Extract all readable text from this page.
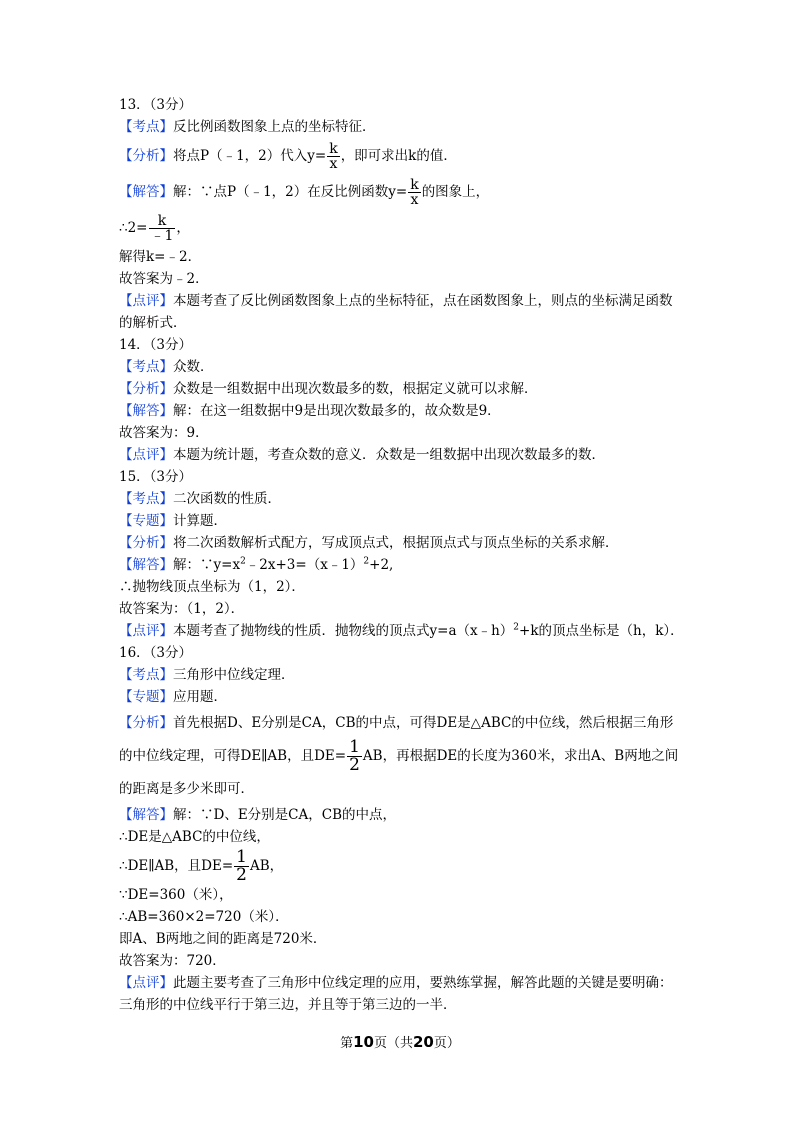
13．（3分）
【考点】反比例函数图象上点的坐标特征．
【分析】将点P（﹣1，2）代入$y= \frac{k}{x}$ ，即可求出k的值．
【解答】解：∵点P（﹣1，2）在反比例函数$y= \frac{k}{x}$ 的图象上，
∴2= $\frac{k}{﹣1}$ ，
解得k=﹣2．
故答案为﹣2．
【点评】本题考查了反比例函数图象上点的坐标特征，点在函数图象上，则点的坐标满足函数
的解析式．
14．（3分）
【考点】众数．
【分析】众数是一组数据中出现次数最多的数，根据定义就可以求解．
【解答】解：在这一组数据中9是出现次数最多的，故众数是9．
故答案为：9．
【点评】本题为统计题，考查众数的意义．众数是一组数据中出现次数最多的数．
15．（3分）
【考点】二次函数的性质．
【专题】计算题．
【分析】将二次函数解析式配方，写成顶点式，根据顶点式与顶点坐标的关系求解．
【解答】解：$\because y=x^2﹣2x+3=(x﹣1)^2+2$,
∴抛物线顶点坐标为（1，2）．
故答案为：（1，2）．
【点评】本题考查了抛物线的性质．抛物线的顶点式y=a（x﹣h）$^2$+k的顶点坐标是（h，k）．
16．（3分）
【考点】三角形中位线定理．
【专题】应用题．
【分析】首先根据D、E分别是CA，CB的中点，可得DE是△ABC的中位线，然后根据三角形
的中位线定理，可得DE∥AB，且$DE= \frac{1}{2}$ AB，再根据DE的长度为360米，求出A、B两地之间
的距离是多少米即可．
【解答】解：∵D、E分别是CA，CB的中点，
∴DE是△ABC的中位线，
∴DE∥AB，且$DE= \frac{1}{2}$ AB，
∵DE=360（米），
∴AB=360×2=720（米）．
即A、B两地之间的距离是720米．
故答案为：720．
【点评】此题主要考查了三角形中位线定理的应用，要熟练掌握，解答此题的关键是要明确：
三角形的中位线平行于第三边，并且等于第三边的一半．
第10页（共20页）
